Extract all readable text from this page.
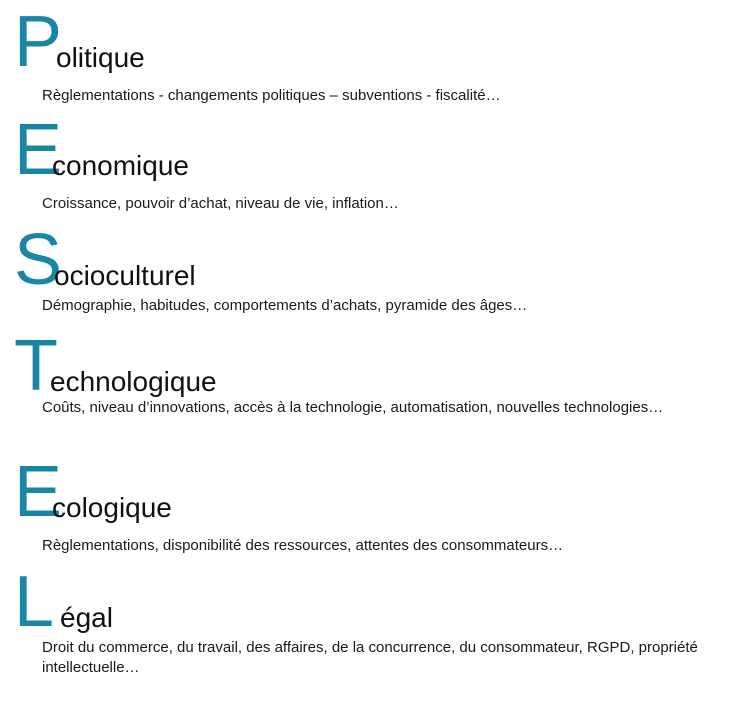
P
olitique
Règlementations - changements politiques – subventions - fiscalité…
E
conomique
Croissance, pouvoir d’achat, niveau de vie, inflation…
S
ocioculturel
Démographie, habitudes, comportements d’achats, pyramide des âges…
T
echnologique
Coûts, niveau d’innovations, accès à la technologie, automatisation, nouvelles technologies…
E
cologique
Règlementations, disponibilité des ressources, attentes des consommateurs…
L égal
Droit du commerce, du travail, des affaires, de la concurrence, du consommateur, RGPD, propriété intellectuelle…
